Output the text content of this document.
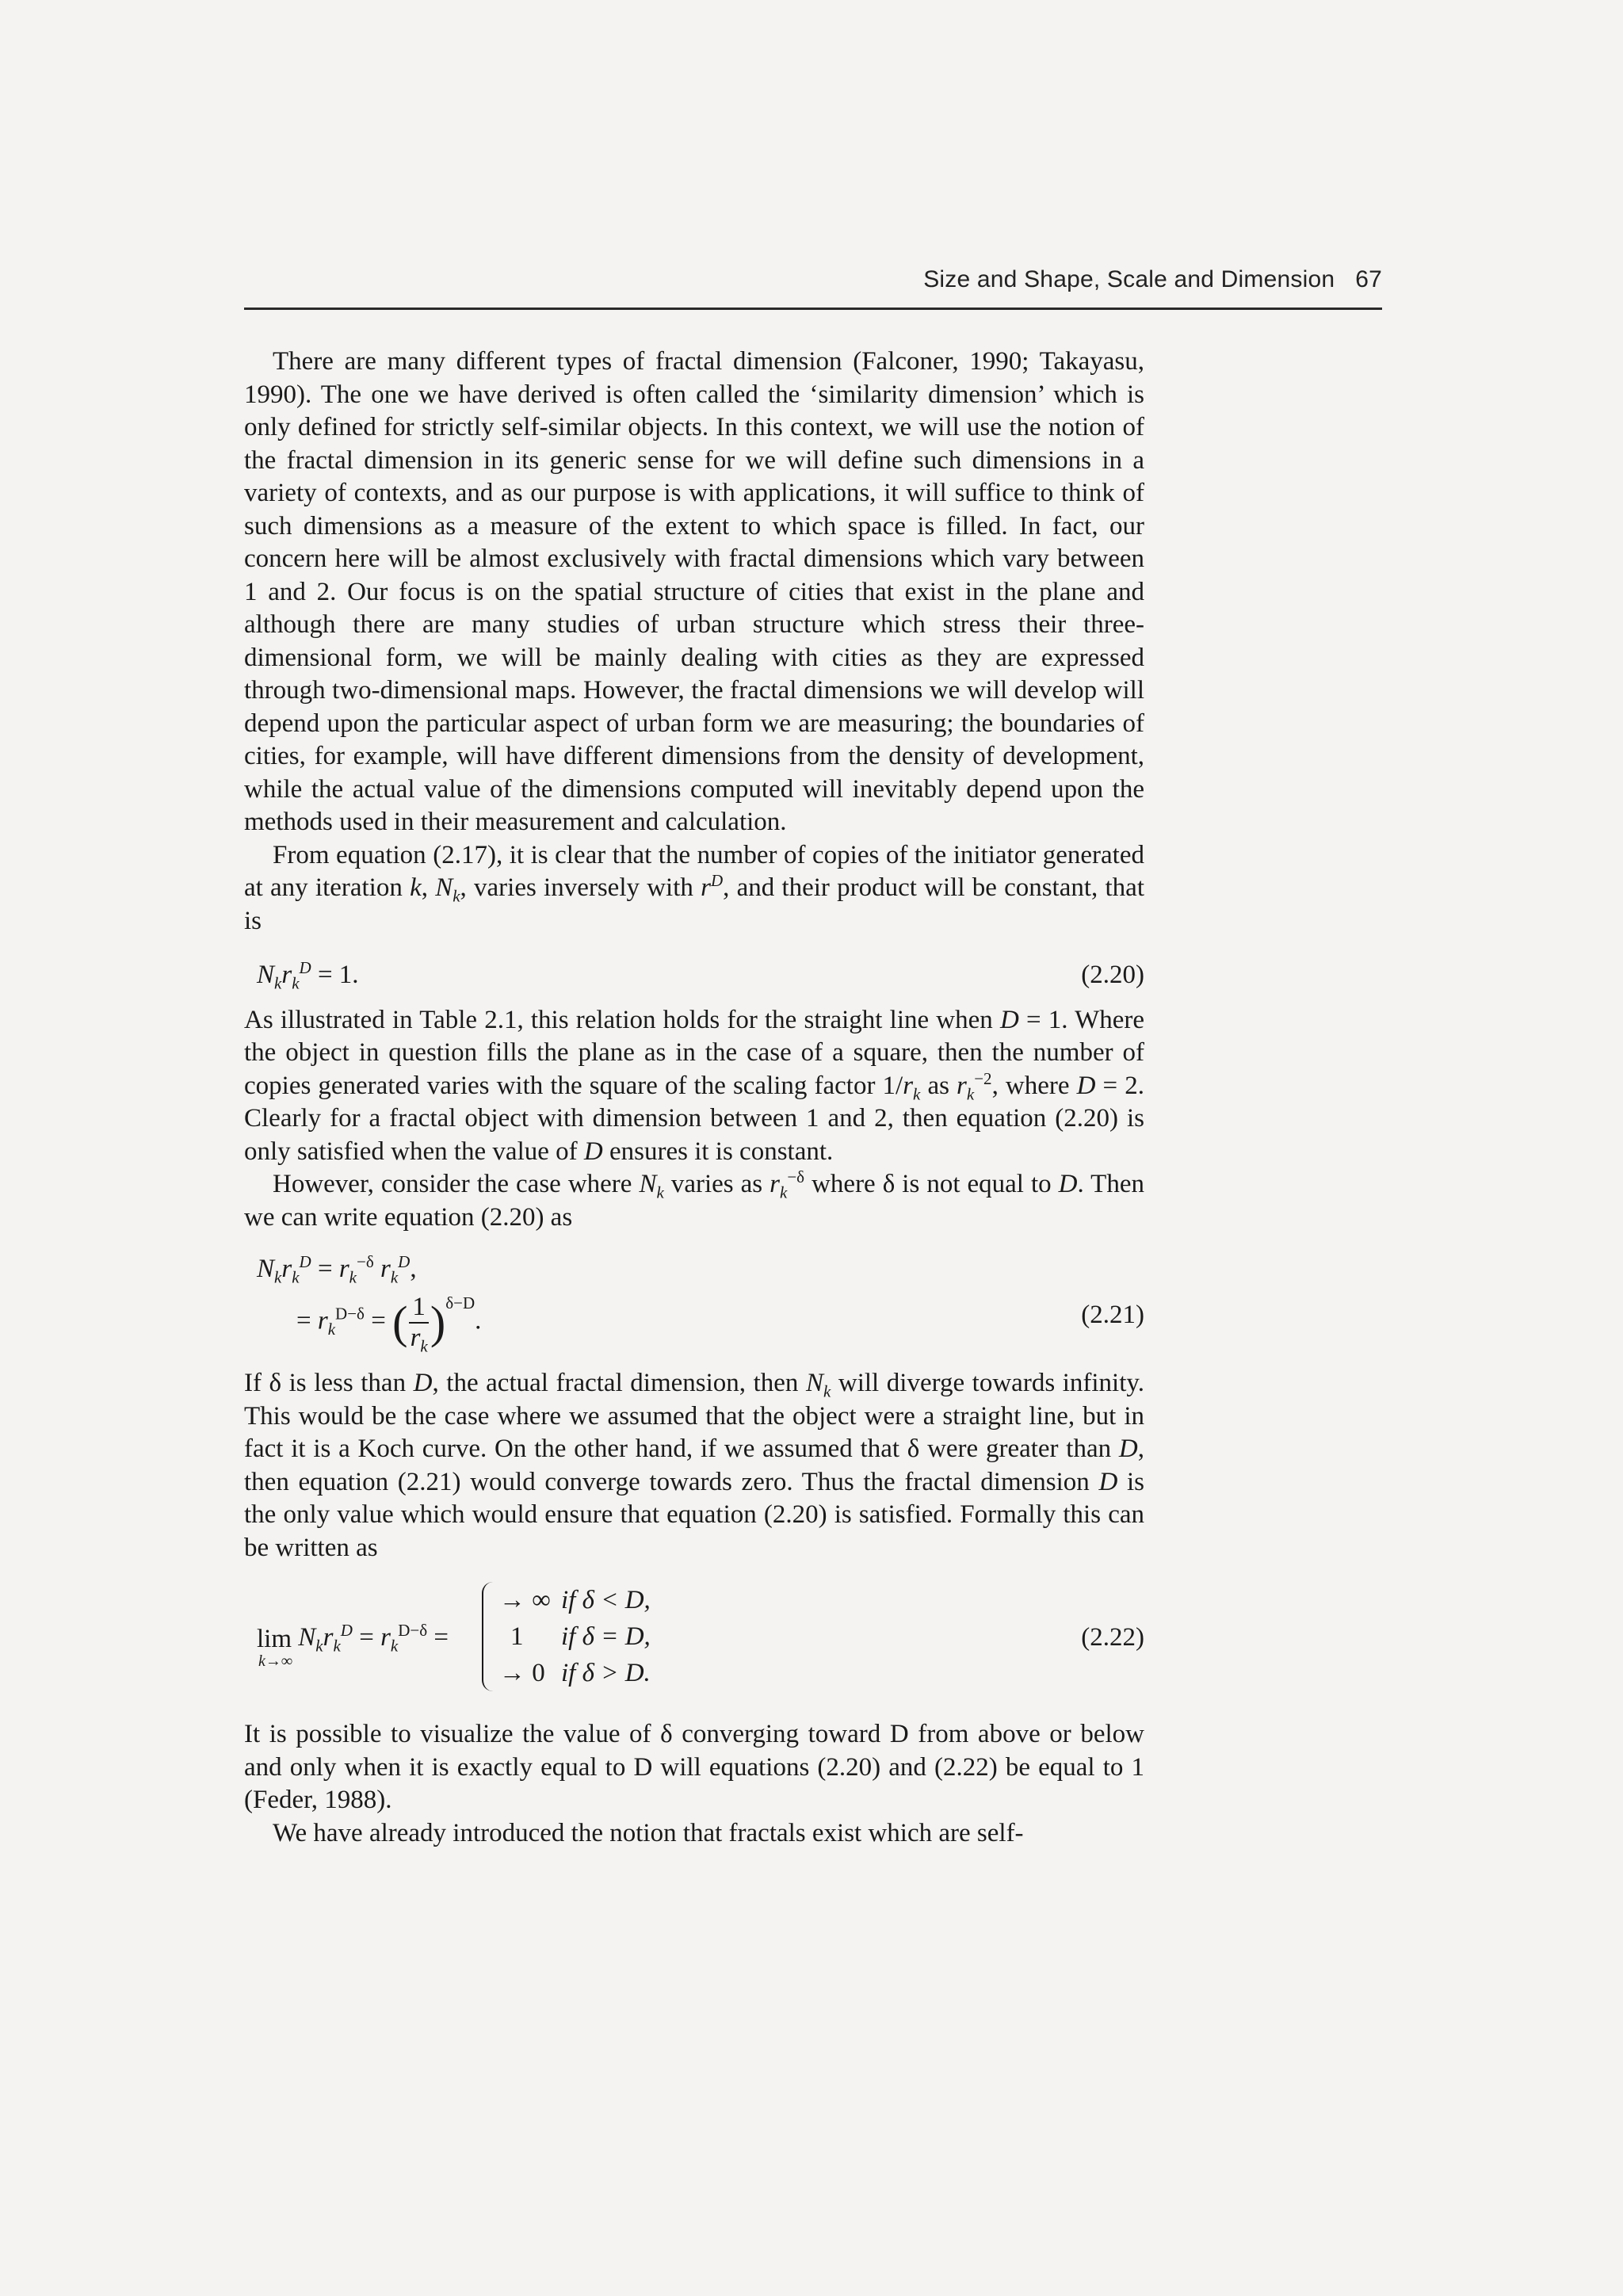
Size and Shape, Scale and Dimension 67

There are many different types of fractal dimension (Falconer, 1990; Takayasu, 1990). The one we have derived is often called the ‘similarity dimension’ which is only defined for strictly self-similar objects. In this context, we will use the notion of the fractal dimension in its generic sense for we will define such dimensions in a variety of contexts, and as our purpose is with applications, it will suffice to think of such dimensions as a measure of the extent to which space is filled. In fact, our concern here will be almost exclusively with fractal dimensions which vary between 1 and 2. Our focus is on the spatial structure of cities that exist in the plane and although there are many studies of urban structure which stress their three-dimensional form, we will be mainly dealing with cities as they are expressed through two-dimensional maps. However, the fractal dimensions we will develop will depend upon the particular aspect of urban form we are measuring; the boundaries of cities, for example, will have different dimensions from the density of development, while the actual value of the dimensions computed will inevitably depend upon the methods used in their measurement and calculation.

From equation (2.17), it is clear that the number of copies of the initiator generated at any iteration k, $N_k$, varies inversely with $r^D$, and their product will be constant, that is

$N_kr_k^D = 1$.	(2.20)

As illustrated in Table 2.1, this relation holds for the straight line when D = 1. Where the object in question fills the plane as in the case of a square, then the number of copies generated varies with the square of the scaling factor $1/r_k$ as $r_k^{-2}$, where D = 2. Clearly for a fractal object with dimension between 1 and 2, then equation (2.20) is only satisfied when the value of D ensures it is constant.

However, consider the case where $N_k$ varies as $r_k^{-\delta}$ where δ is not equal to D. Then we can write equation (2.20) as

$N_kr_k^D = r_k^{-\delta}$ $r_k^D$,
= $r_k^{D-\delta}$ = ( $\frac{1}{r_k} )^{\delta-D}$.	(2.21)

If δ is less than D, the actual fractal dimension, then $N_k$ will diverge towards infinity. This would be the case where we assumed that the object were a straight line, but in fact it is a Koch curve. On the other hand, if we assumed that δ were greater than D, then equation (2.21) would converge towards zero. Thus the fractal dimension D is the only value which would ensure that equation (2.20) is satisfied. Formally this can be written as

lim
k→∞
$N_kr_k^D = r_k^{D-\delta}$ =
→ ∞ if δ < D,
1 if δ = D,
→ 0 if δ > D.
(2.22)

It is possible to visualize the value of δ converging toward D from above or below and only when it is exactly equal to D will equations (2.20) and (2.22) be equal to 1 (Feder, 1988).

We have already introduced the notion that fractals exist which are self-
